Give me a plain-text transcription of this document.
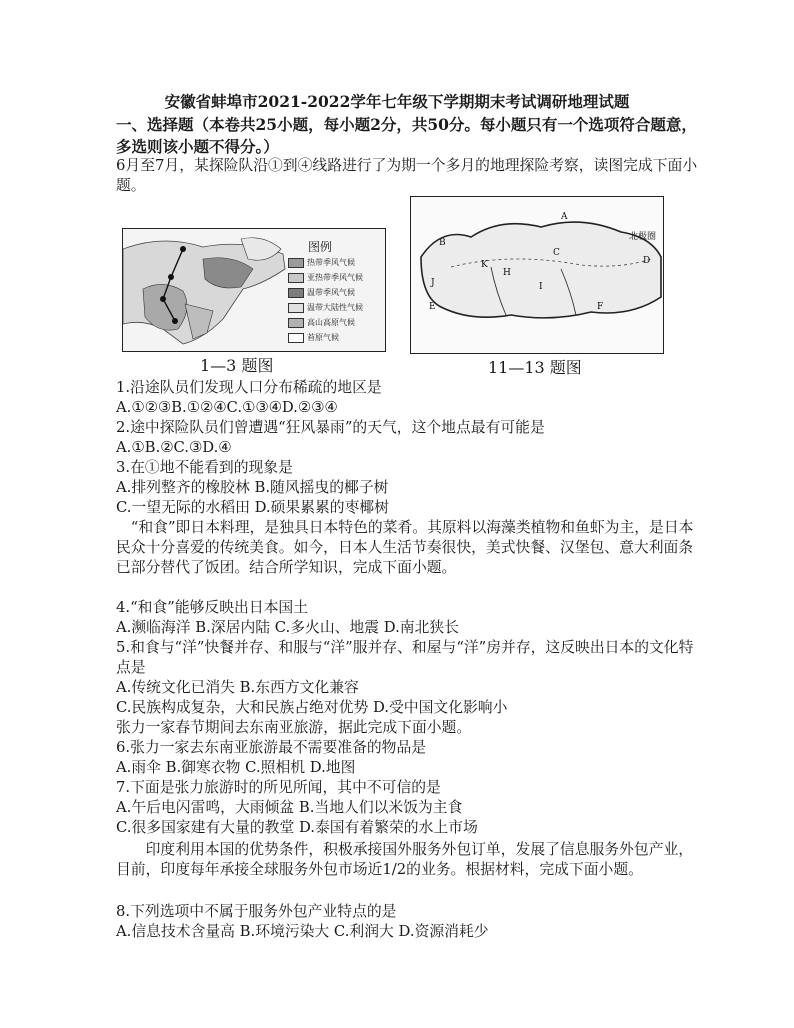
安徽省蚌埠市2021-2022学年七年级下学期期末考试调研地理试题
一、选择题（本卷共25小题，每小题2分，共50分。每小题只有一个选项符合题意，多选则该小题不得分。）
6月至7月，某探险队沿①到④线路进行了为期一个多月的地理探险考察，读图完成下面小题。
图例
热带季风气候
亚热带季风气候
温带季风气候
温带大陆性气候
高山高原气候
苔原气候
1—3 题图
A
B
C
D
E	F
H
I
J
K
北极圈
11—13 题图
1.沿途队员们发现人口分布稀疏的地区是
A.①②③B.①②④C.①③④D.②③④
2.途中探险队员们曾遭遇“狂风暴雨”的天气，这个地点最有可能是
A.①B.②C.③D.④
3.在①地不能看到的现象是
A.排列整齐的橡胶林 B.随风摇曳的椰子树
C.一望无际的水稻田 D.硕果累累的枣椰树
“和食”即日本料理，是独具日本特色的菜肴。其原料以海藻类植物和鱼虾为主，是日本民众十分喜爱的传统美食。如今，日本人生活节奏很快，美式快餐、汉堡包、意大利面条已部分替代了饭团。结合所学知识，完成下面小题。
4.“和食”能够反映出日本国土
A.濒临海洋 B.深居内陆 C.多火山、地震 D.南北狭长
5.和食与“洋”快餐并存、和服与“洋”服并存、和屋与“洋”房并存，这反映出日本的文化特点是
A.传统文化已消失 B.东西方文化兼容
C.民族构成复杂，大和民族占绝对优势 D.受中国文化影响小
张力一家春节期间去东南亚旅游，据此完成下面小题。
6.张力一家去东南亚旅游最不需要准备的物品是
A.雨伞 B.御寒衣物 C.照相机 D.地图
7.下面是张力旅游时的所见所闻，其中不可信的是
A.午后电闪雷鸣，大雨倾盆 B.当地人们以米饭为主食
C.很多国家建有大量的教堂 D.泰国有着繁荣的水上市场
印度利用本国的优势条件，积极承接国外服务外包订单，发展了信息服务外包产业，目前，印度每年承接全球服务外包市场近1/2的业务。根据材料，完成下面小题。
8.下列选项中不属于服务外包产业特点的是
A.信息技术含量高 B.环境污染大 C.利润大 D.资源消耗少
